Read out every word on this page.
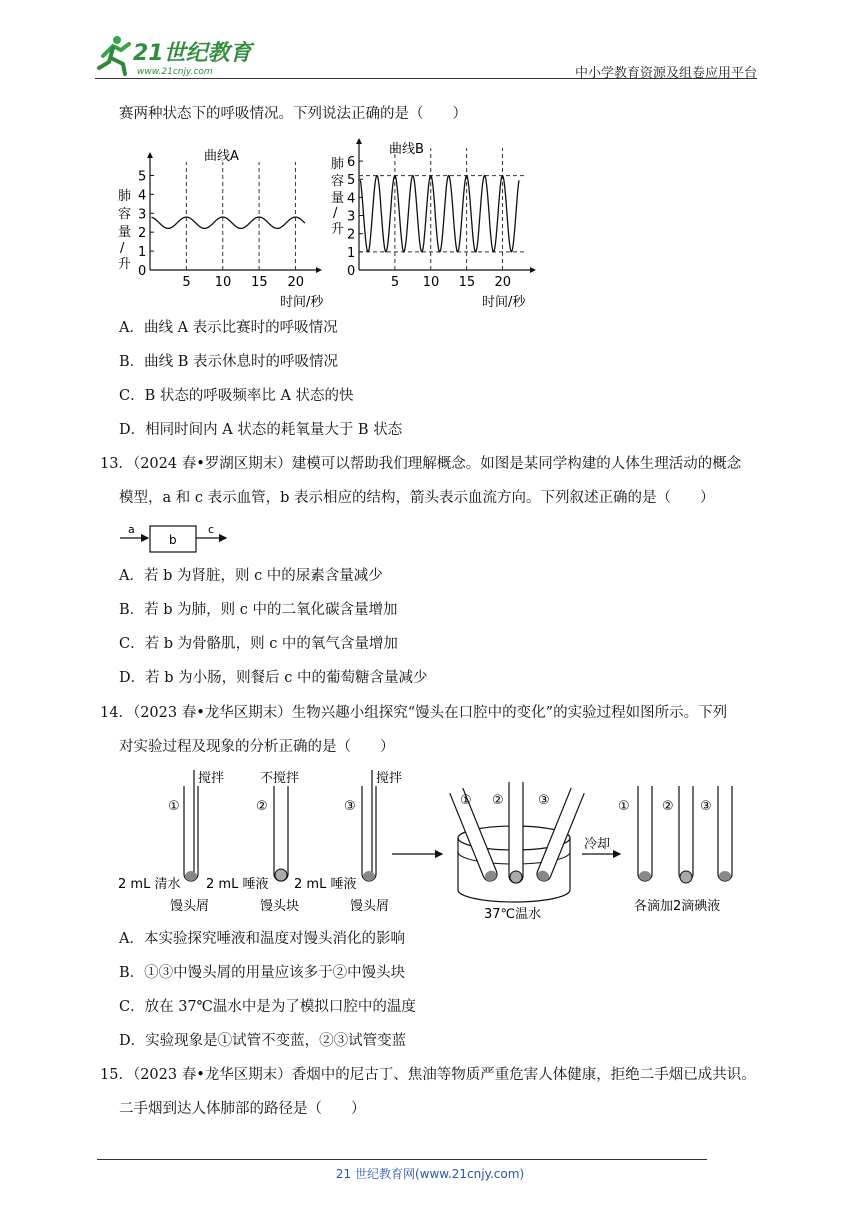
21世纪教育
www.21cnjy.com	中小学教育资源及组卷应用平台
赛两种状态下的呼吸情况。下列说法正确的是（　　）
曲线A
肺
容
量
/
升 0
1
2
3
4
5
5 10 15 20
时间/秒
曲线B
肺
容
量
/
升
0
1
2
3
4
5
6
5 10 15 20
时间/秒
A．曲线 A 表示比赛时的呼吸情况
B．曲线 B 表示休息时的呼吸情况
C．B 状态的呼吸频率比 A 状态的快
D．相同时间内 A 状态的耗氧量大于 B 状态
13．（2024 春•罗湖区期末）建模可以帮助我们理解概念。如图是某同学构建的人体生理活动的概念
模型，a 和 c 表示血管，b 表示相应的结构，箭头表示血流方向。下列叙述正确的是（　　）
a
b
c
A．若 b 为肾脏，则 c 中的尿素含量减少
B．若 b 为肺，则 c 中的二氧化碳含量增加
C．若 b 为骨骼肌，则 c 中的氧气含量增加
D．若 b 为小肠，则餐后 c 中的葡萄糖含量减少
14．（2023 春•龙华区期末）生物兴趣小组探究“馒头在口腔中的变化”的实验过程如图所示。下列
对实验过程及现象的分析正确的是（　　）
①
搅拌
2 mL 清水
馒头屑
②
不搅拌
2 mL 唾液
馒头块
③
搅拌
2 mL 唾液
馒头屑
① ②	③
37℃温水
冷却
① ② ③
各滴加2滴碘液
A．本实验探究唾液和温度对馒头消化的影响
B．①③中馒头屑的用量应该多于②中馒头块
C．放在 37℃温水中是为了模拟口腔中的温度
D．实验现象是①试管不变蓝，②③试管变蓝
15．（2023 春•龙华区期末）香烟中的尼古丁、焦油等物质严重危害人体健康，拒绝二手烟已成共识。
二手烟到达人体肺部的路径是（　　）
21 世纪教育网(www.21cnjy.com)
